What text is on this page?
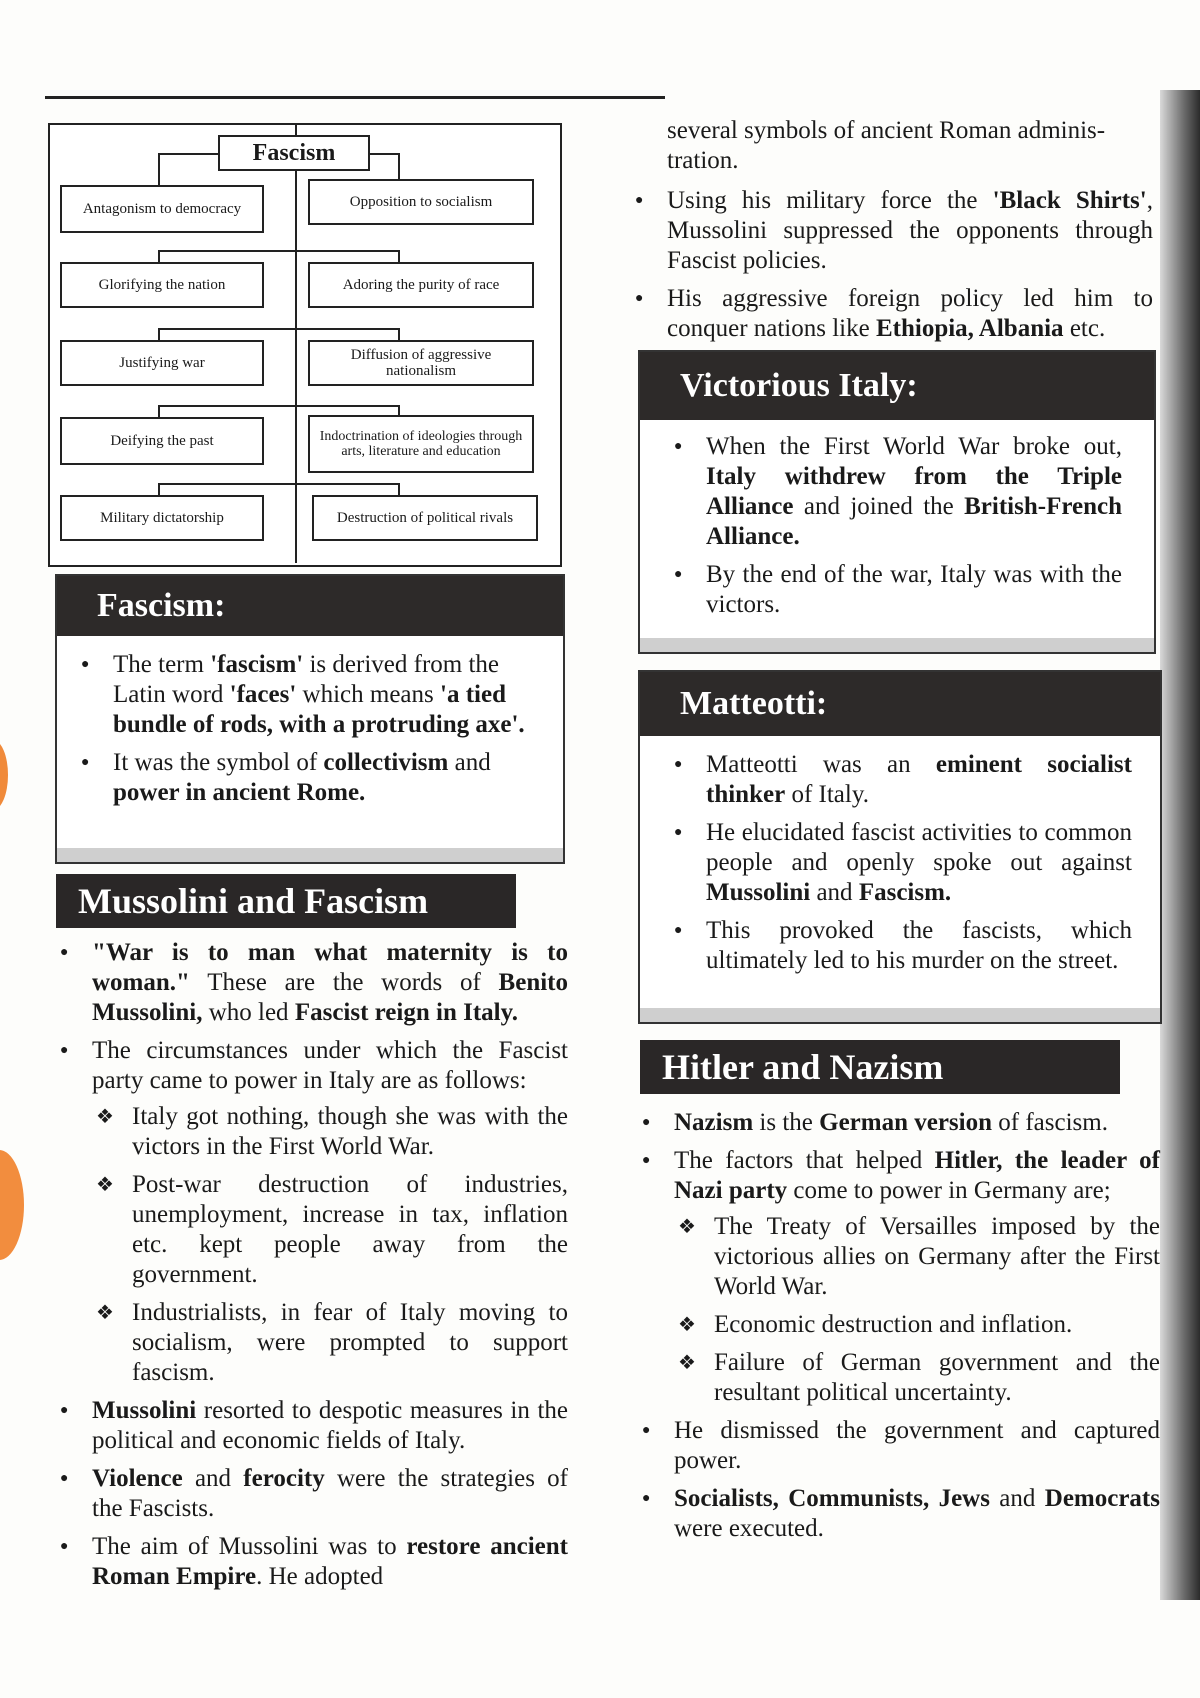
Fascism
Antagonism to democracy
Glorifying the nation
Justifying war
Deifying the past
Military dictatorship
Opposition to socialism
Adoring the purity of race
Diffusion of aggressive nationalism
Indoctrination of ideologies through arts, literature and education
Destruction of political rivals
Fascism:
● The term 'fascism' is derived from the Latin word 'faces' which means 'a tied bundle of rods, with a protruding axe'.
● It was the symbol of collectivism and power in ancient Rome.
Mussolini and Fascism
● "War is to man what maternity is to woman." These are the words of Benito Mussolini, who led Fascist reign in Italy.
● The circumstances under which the Fascist party came to power in Italy are as follows:
❖ Italy got nothing, though she was with the victors in the First World War.
❖ Post-war destruction of industries, unemployment, increase in tax, inflation etc. kept people away from the government.
❖ Industrialists, in fear of Italy moving to socialism, were prompted to support fascism.
● Mussolini resorted to despotic measures in the political and economic fields of Italy.
● Violence and ferocity were the strategies of the Fascists.
● The aim of Mussolini was to restore ancient Roman Empire. He adopted
several symbols of ancient Roman adminis-tration.
● Using his military force the 'Black Shirts', Mussolini suppressed the opponents through Fascist policies.
● His aggressive foreign policy led him to conquer nations like Ethiopia, Albania etc.
Victorious Italy:
● When the First World War broke out, Italy withdrew from the Triple Alliance and joined the British-French Alliance.
● By the end of the war, Italy was with the victors.
Matteotti:
● Matteotti was an eminent socialist thinker of Italy.
● He elucidated fascist activities to common people and openly spoke out against Mussolini and Fascism.
● This provoked the fascists, which ultimately led to his murder on the street.
Hitler and Nazism
● Nazism is the German version of fascism.
● The factors that helped Hitler, the leader of Nazi party come to power in Germany are;
❖ The Treaty of Versailles imposed by the victorious allies on Germany after the First World War.
❖ Economic destruction and inflation.
❖ Failure of German government and the resultant political uncertainty.
● He dismissed the government and captured power.
● Socialists, Communists, Jews and Democrats were executed.
